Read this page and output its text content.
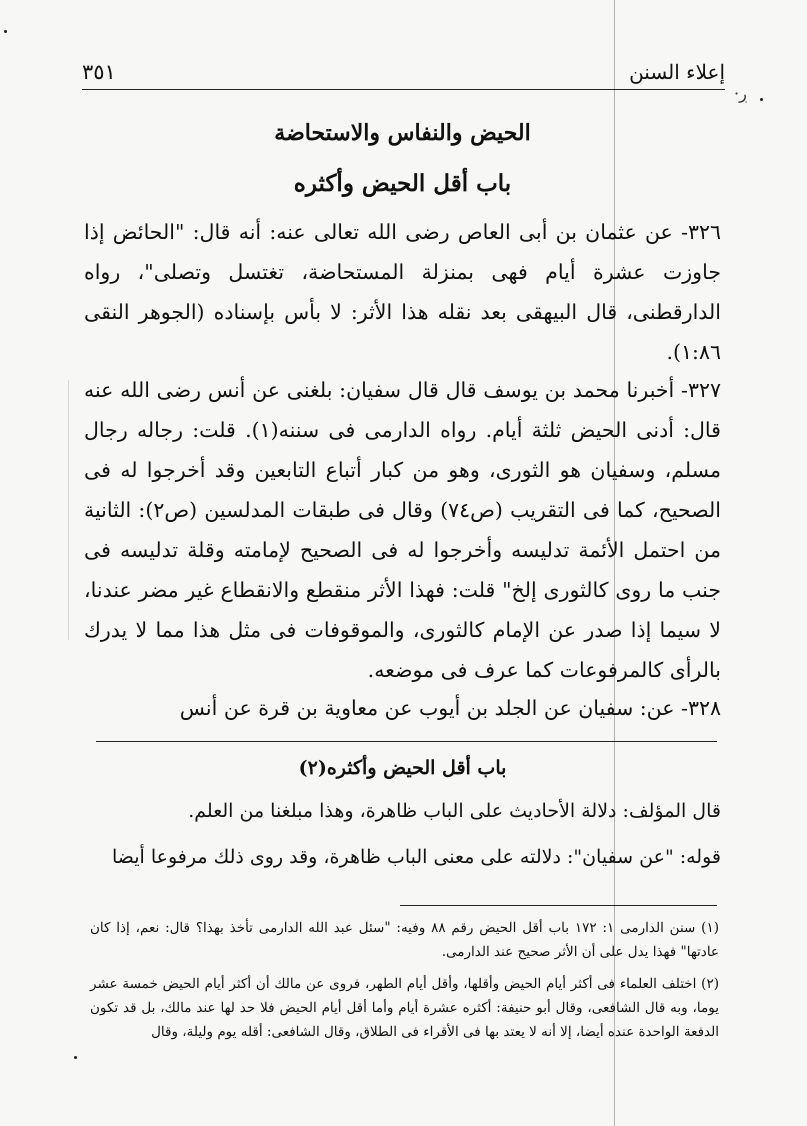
·ڔ
إعلاء السنن
٣٥١
الحيض والنفاس والاستحاضة
باب أقل الحيض وأكثره
٣٢٦- عن عثمان بن أبى العاص رضى الله تعالى عنه: أنه قال: "الحائض إذا جاوزت عشرة أيام فهى بمنزلة المستحاضة، تغتسل وتصلى"، رواه الدارقطنى، قال البيهقى بعد نقله هذا الأثر: لا بأس بإسناده (الجوهر النقى ١:٨٦).
٣٢٧- أخبرنا محمد بن يوسف قال قال سفيان: بلغنى عن أنس رضى الله عنه قال: أدنى الحيض ثلثة أيام. رواه الدارمى فى سننه(١). قلت: رجاله رجال مسلم، وسفيان هو الثورى، وهو من كبار أتباع التابعين وقد أخرجوا له فى الصحيح، كما فى التقريب (ص٧٤) وقال فى طبقات المدلسين (ص٢): الثانية من احتمل الأئمة تدليسه وأخرجوا له فى الصحيح لإمامته وقلة تدليسه فى جنب ما روى كالثورى إلخ" قلت: فهذا الأثر منقطع والانقطاع غير مضر عندنا، لا سيما إذا صدر عن الإمام كالثورى، والموقوفات فى مثل هذا مما لا يدرك بالرأى كالمرفوعات كما عرف فى موضعه.
٣٢٨- عن: سفيان عن الجلد بن أيوب عن معاوية بن قرة عن أنس
باب أقل الحيض وأكثره(٢)
قال المؤلف: دلالة الأحاديث على الباب ظاهرة، وهذا مبلغنا من العلم.
قوله: "عن سفيان": دلالته على معنى الباب ظاهرة، وقد روى ذلك مرفوعا أيضا
(١) سنن الدارمى ١: ١٧٢ باب أقل الحيض رقم ٨٨ وفيه: "سئل عبد الله الدارمى تأخذ بهذا؟ قال: نعم، إذا كان عادتها" فهذا يدل على أن الأثر صحيح عند الدارمى.
(٢) اختلف العلماء فى أكثر أيام الحيض وأقلها، وأقل أيام الطهر، فروى عن مالك أن أكثر أيام الحيض خمسة عشر يوما، وبه قال الشافعى، وقال أبو حنيفة: أكثره عشرة أيام وأما أقل أيام الحيض فلا حد لها عند مالك، بل قد تكون الدفعة الواحدة عنده أيضا، إلا أنه لا يعتد بها فى الأقراء فى الطلاق، وقال الشافعى: أقله يوم وليلة، وقال
